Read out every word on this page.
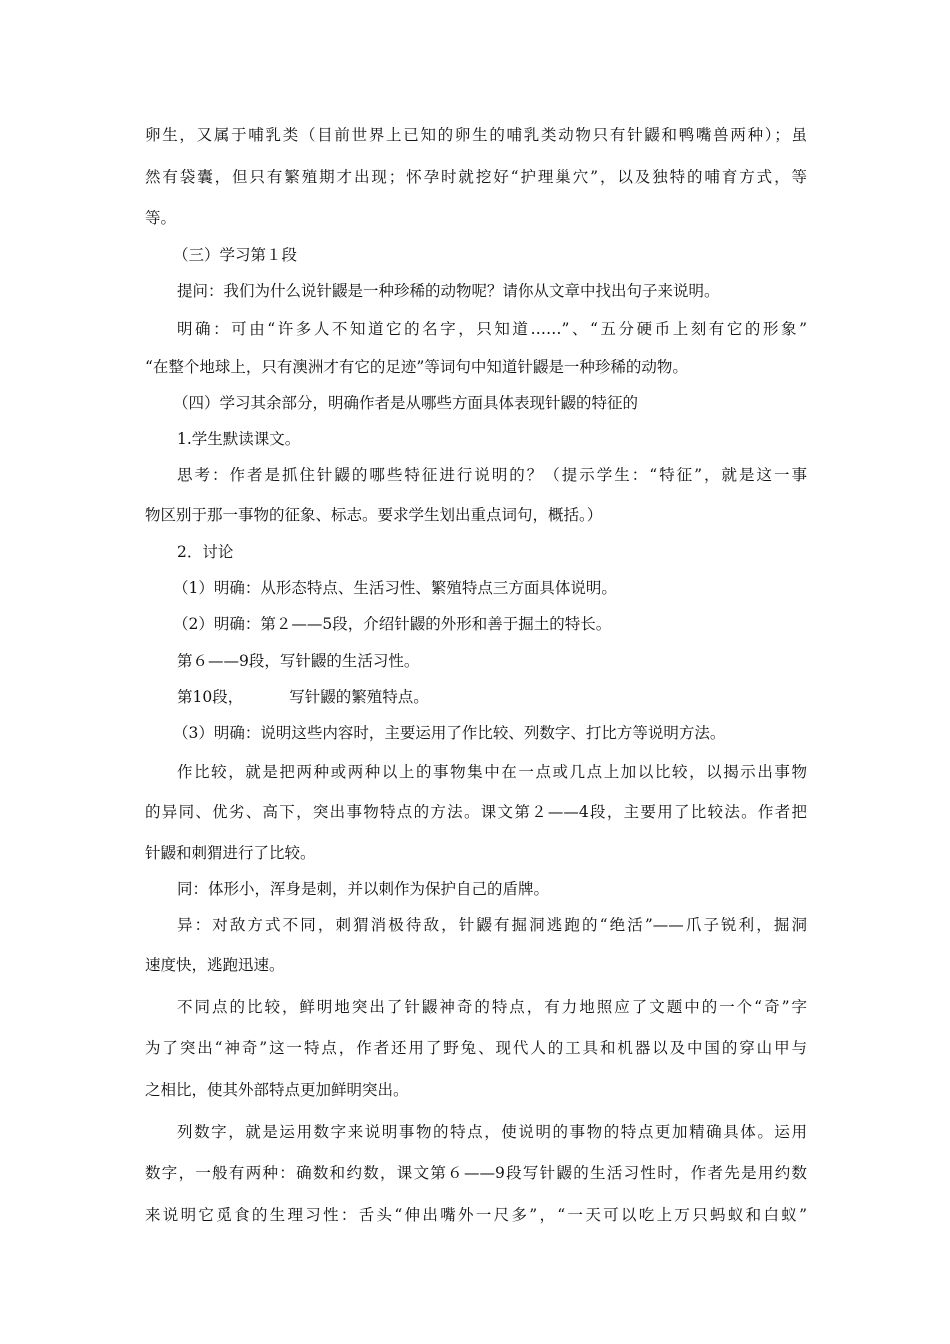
卵生，又属于哺乳类（目前世界上已知的卵生的哺乳类动物只有针鼹和鸭嘴兽两种）；虽
然有袋囊，但只有繁殖期才出现；怀孕时就挖好“护理巢穴”，以及独特的哺育方式，等
等。
（三）学习第１段
提问：我们为什么说针鼹是一种珍稀的动物呢？请你从文章中找出句子来说明。
明确：可由“许多人不知道它的名字，只知道……”、“五分硬币上刻有它的形象”
“在整个地球上，只有澳洲才有它的足迹”等词句中知道针鼹是一种珍稀的动物。
（四）学习其余部分，明确作者是从哪些方面具体表现针鼹的特征的
1.学生默读课文。
思考：作者是抓住针鼹的哪些特征进行说明的？（提示学生：“特征”，就是这一事
物区别于那一事物的征象、标志。要求学生划出重点词句，概括。）
2．讨论
（1）明确：从形态特点、生活习性、繁殖特点三方面具体说明。
（2）明确：第２——5段，介绍针鼹的外形和善于掘土的特长。
第６——9段，写针鼹的生活习性。
第10段，	写针鼹的繁殖特点。
（3）明确：说明这些内容时，主要运用了作比较、列数字、打比方等说明方法。
作比较，就是把两种或两种以上的事物集中在一点或几点上加以比较，以揭示出事物
的异同、优劣、高下，突出事物特点的方法。课文第２——4段，主要用了比较法。作者把
针鼹和刺猬进行了比较。
同：体形小，浑身是刺，并以刺作为保护自己的盾牌。
异：对敌方式不同，刺猬消极待敌，针鼹有掘洞逃跑的“绝活”——爪子锐利，掘洞
速度快，逃跑迅速。
不同点的比较，鲜明地突出了针鼹神奇的特点，有力地照应了文题中的一个“奇”字
为了突出“神奇”这一特点，作者还用了野兔、现代人的工具和机器以及中国的穿山甲与
之相比，使其外部特点更加鲜明突出。
列数字，就是运用数字来说明事物的特点，使说明的事物的特点更加精确具体。运用
数字，一般有两种：确数和约数，课文第６——9段写针鼹的生活习性时，作者先是用约数
来说明它觅食的生理习性：舌头“伸出嘴外一尺多”，“一天可以吃上万只蚂蚁和白蚁”
